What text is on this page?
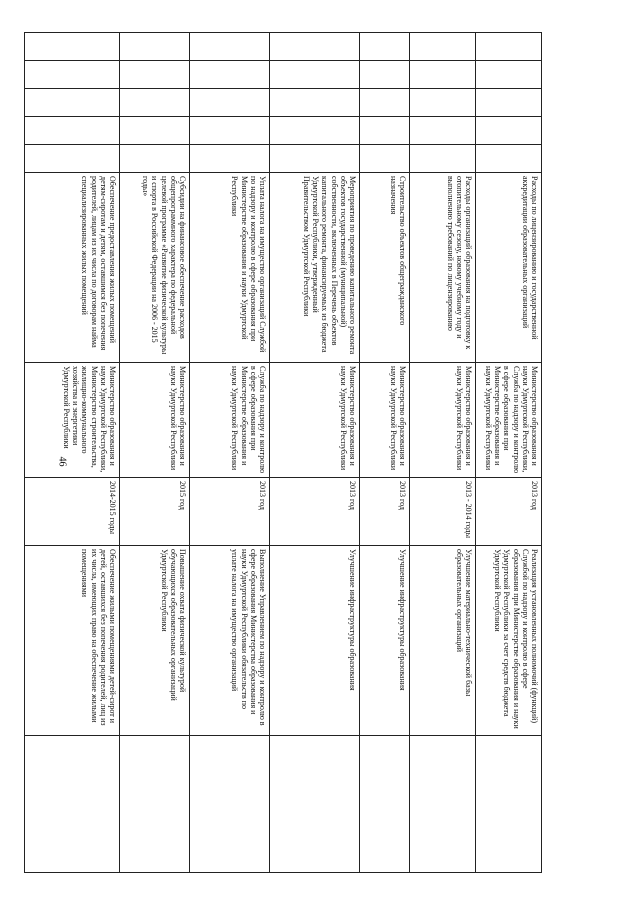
46
					Расходы по лицензированию и государственной аккредитации образовательных организаций	Министерство образования и науки Удмуртской Республики, Служба по надзору и контролю в сфере образования при Министерстве образования и науки Удмуртской Республики	2013 год	Реализация установленных полномочий (функций) Службой по надзору и контролю в сфере образования при Министерстве образования и науки Удмуртской Республики за счет средств бюджета Удмуртской Республики	
					Расходы организаций образования на подготовку к отопительному сезону, новому учебному году и выполнению требований по лицензированию	Министерство образования и науки Удмуртской Республики	2013 - 2014 годы	Улучшение материально-технической базы образовательных организаций	
					Строительство объектов общегражданского назначения	Министерство образования и науки Удмуртской Республики	2013 год	Улучшение инфраструктуры образования	
					Мероприятия по проведению капитального ремонта объектов государственной (муниципальной) собственности, включенных в Перечень объектов капитального ремонта, финансируемых из бюджета Удмуртской Республики, утвержденный Правительством Удмуртской Республики	Министерство образования и науки Удмуртской Республики	2013 год	Улучшение инфраструктуры образования	
					Уплата налога на имущество организаций Службой по надзору и контролю в сфере образования при Министерстве образования и науки Удмуртской Республики	Служба по надзору и контролю в сфере образования при Министерстве образования и науки Удмуртской Республики	2013 год	Выполнение Управлением по надзору и контролю в сфере образования Министерства образования и науки Удмуртской Республики обязательств по уплате налога на имущество организаций	
					Субсидии на финансовое обеспечение расходов общепрограммного характера по федеральной целевой программе «Развитие физической культуры и спорта в Российской Федерации на 2006 - 2015 годы»	Министерство образования и науки Удмуртской Республики	2015 год	Повышение охвата физической культурой обучающихся образовательных организаций Удмуртской Республики	
					Обеспечение предоставления жилых помещений детям-сиротам и детям, оставшимся без попечения родителей, лицам из их числа по договорам найма специализированных жилых помещений	Министерство образования и науки Удмуртской Республики, Министерство строительства, жилищно-коммунального хозяйства и энергетики Удмуртской Республики	2014-2015 годы	Обеспечение жилыми помещениями детей-сирот и детей, оставшихся без попечения родителей, лиц из их числа, имеющих право на обеспечение жилыми помещениями	
